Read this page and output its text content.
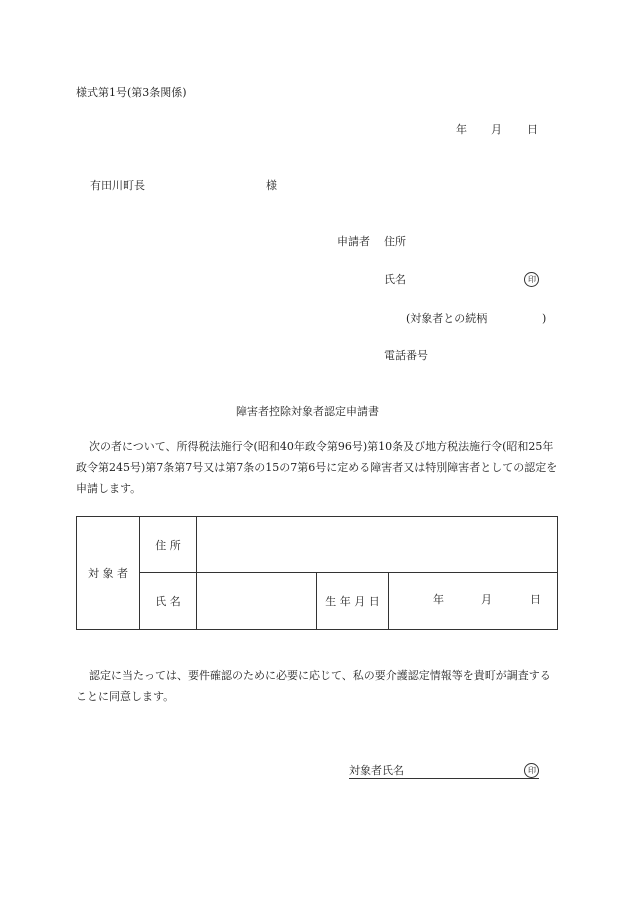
様式第1号(第3条関係)
年 月 日
有田川町長	様
申請者 住所
氏名	印
(対象者との続柄	)
電話番号
障害者控除対象者認定申請書
次の者について、所得税法施行令(昭和40年政令第96号)第10条及び地方税法施行令(昭和25年政令第245号)第7条第7号又は第7条の15の7第6号に定める障害者又は特別障害者としての認定を申請します。
対 象 者	住 所			
	氏 名		生 年 月 日	年 月 日
認定に当たっては、要件確認のために必要に応じて、私の要介護認定情報等を貴町が調査することに同意します。
対象者氏名	印
